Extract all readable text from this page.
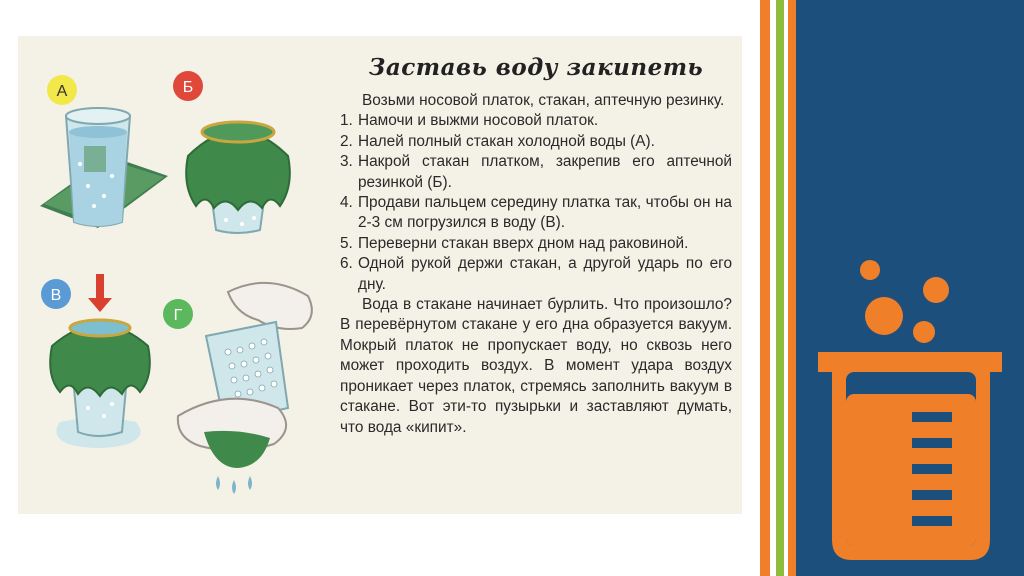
А	Б
В
Г
Заставь воду закипеть

Возьми носовой платок, стакан, аптечную резинку.

1. Намочи и выжми носовой платок.
2. Налей полный стакан холодной воды (А).
3. Накрой стакан платком, закрепив его аптечной резинкой (Б).
4. Продави пальцем середину платка так, чтобы он на 2-3 см погрузился в воду (В).
5. Переверни стакан вверх дном над раковиной.
6. Одной рукой держи стакан, а другой ударь по его дну.

Вода в стакане начинает бурлить. Что произошло? В перевёрнутом стакане у его дна образуется вакуум. Мокрый платок не пропускает воду, но сквозь него может проходить воздух. В момент удара воздух проникает через платок, стремясь заполнить вакуум в стакане. Вот эти-то пузырьки и заставляют думать, что вода «кипит».
